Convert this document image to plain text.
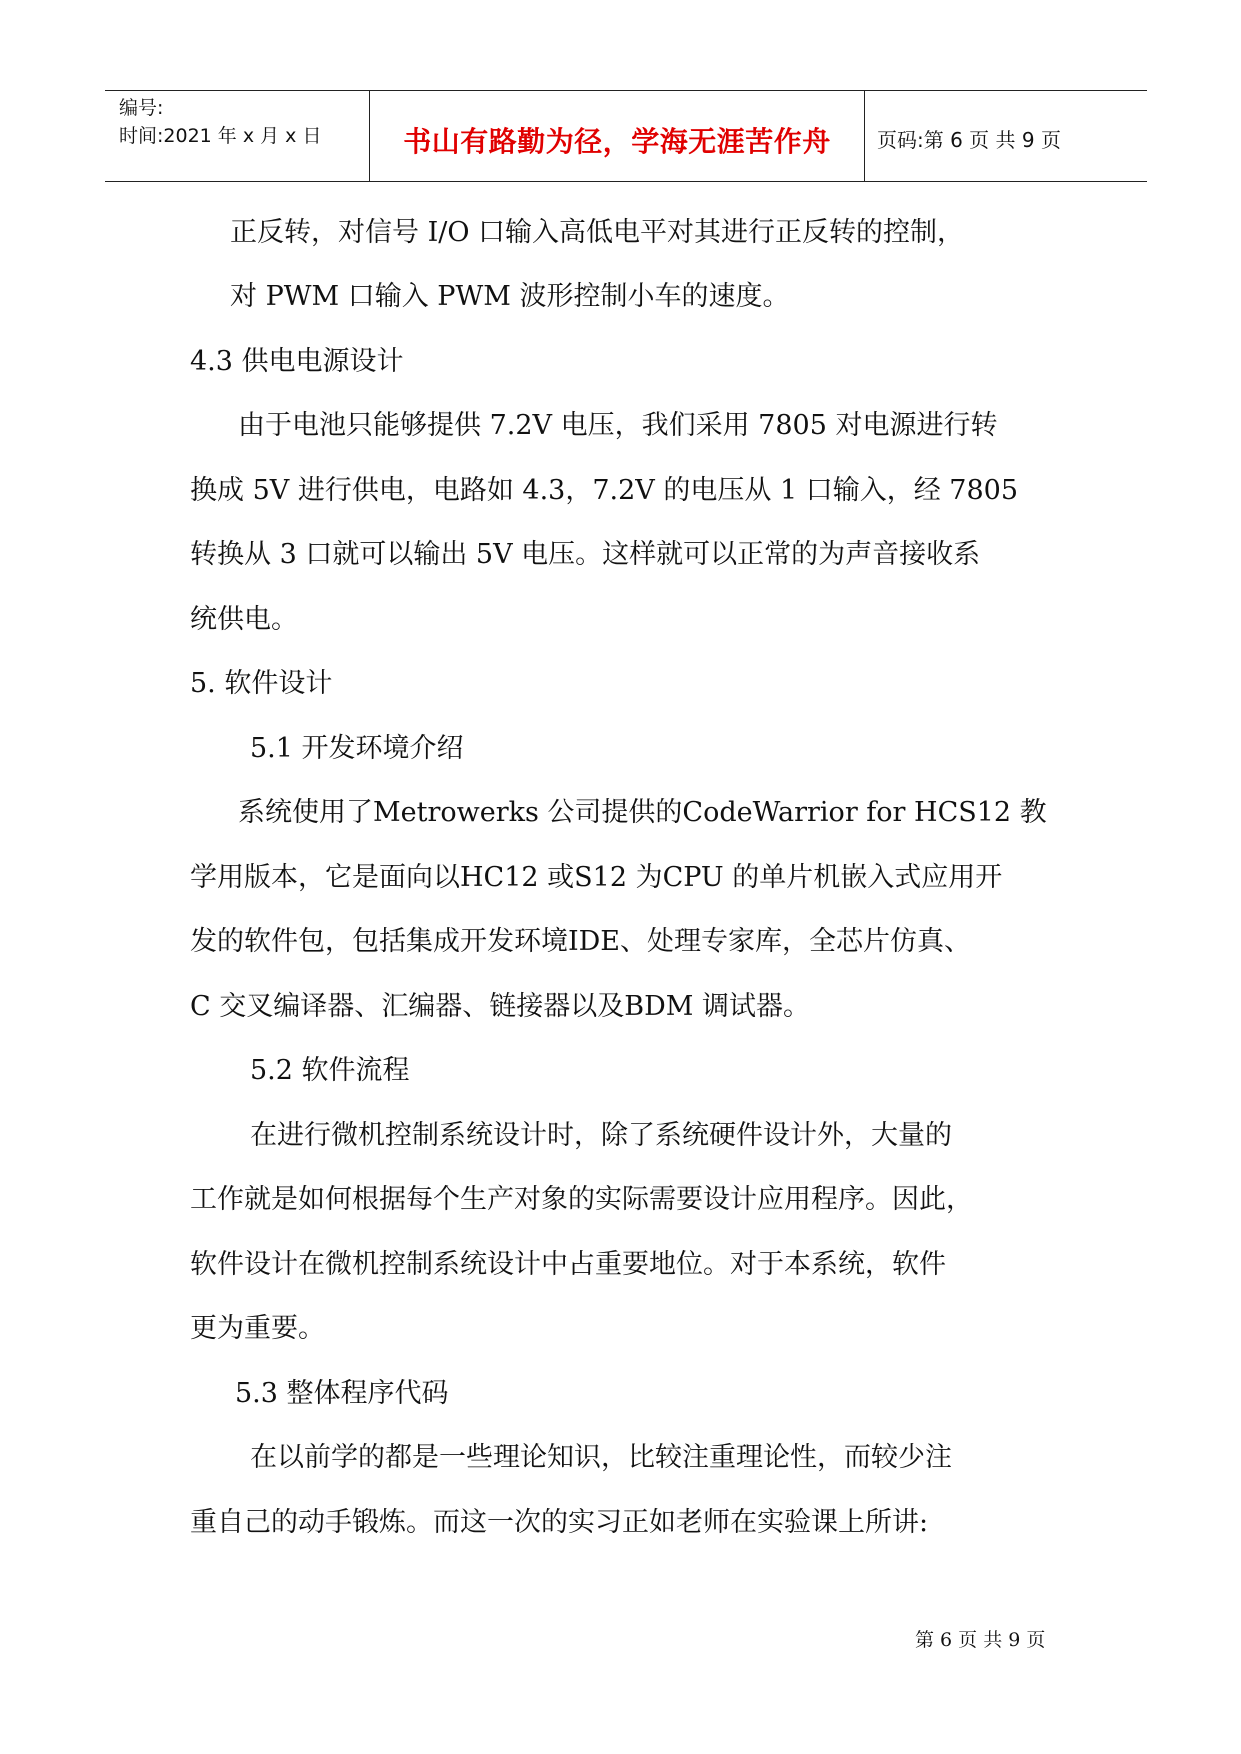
编号:
时间:2021 年 x 月 x 日	书山有路勤为径，学海无涯苦作舟	页码:第 6 页 共 9 页
正反转，对信号 I/O 口输入高低电平对其进行正反转的控制，
对 PWM 口输入 PWM 波形控制小车的速度。
4.3 供电电源设计
由于电池只能够提供 7.2V 电压，我们采用 7805 对电源进行转
换成 5V 进行供电，电路如 4.3，7.2V 的电压从 1 口输入，经 7805
转换从 3 口就可以输出 5V 电压。这样就可以正常的为声音接收系
统供电。
5. 软件设计
5.1 开发环境介绍
系统使用了Metrowerks 公司提供的CodeWarrior for HCS12 教
学用版本，它是面向以HC12 或S12 为CPU 的单片机嵌入式应用开
发的软件包，包括集成开发环境IDE、处理专家库，全芯片仿真、
C 交叉编译器、汇编器、链接器以及BDM 调试器。
5.2 软件流程
在进行微机控制系统设计时，除了系统硬件设计外，大量的
工作就是如何根据每个生产对象的实际需要设计应用程序。因此，
软件设计在微机控制系统设计中占重要地位。对于本系统，软件
更为重要。
5.3 整体程序代码
在以前学的都是一些理论知识，比较注重理论性，而较少注
重自己的动手锻炼。而这一次的实习正如老师在实验课上所讲:
第 6 页 共 9 页
